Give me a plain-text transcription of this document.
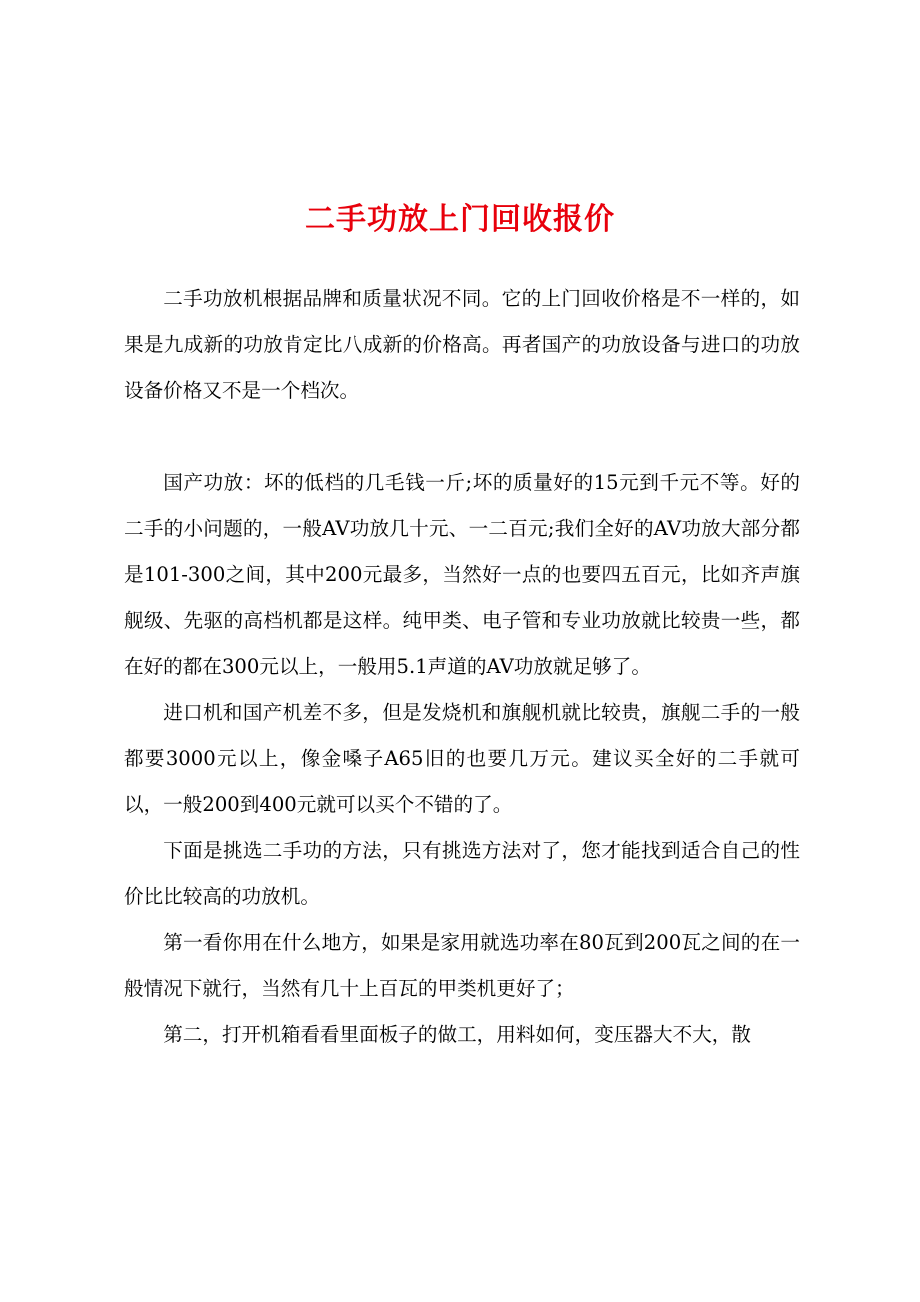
二手功放上门回收报价

二手功放机根据品牌和质量状况不同。它的上门回收价格是不一样的，如果是九成新的功放肯定比八成新的价格高。再者国产的功放设备与进口的功放设备价格又不是一个档次。

国产功放：坏的低档的几毛钱一斤;坏的质量好的15元到千元不等。好的二手的小问题的，一般AV功放几十元、一二百元;我们全好的AV功放大部分都是101-300之间，其中200元最多，当然好一点的也要四五百元，比如齐声旗舰级、先驱的高档机都是这样。纯甲类、电子管和专业功放就比较贵一些，都在好的都在300元以上，一般用5.1声道的AV功放就足够了。

进口机和国产机差不多，但是发烧机和旗舰机就比较贵，旗舰二手的一般都要3000元以上，像金嗓子A65旧的也要几万元。建议买全好的二手就可以，一般200到400元就可以买个不错的了。

下面是挑选二手功的方法，只有挑选方法对了，您才能找到适合自己的性价比比较高的功放机。

第一看你用在什么地方，如果是家用就选功率在80瓦到200瓦之间的在一般情况下就行，当然有几十上百瓦的甲类机更好了；

第二，打开机箱看看里面板子的做工，用料如何，变压器大不大，散
